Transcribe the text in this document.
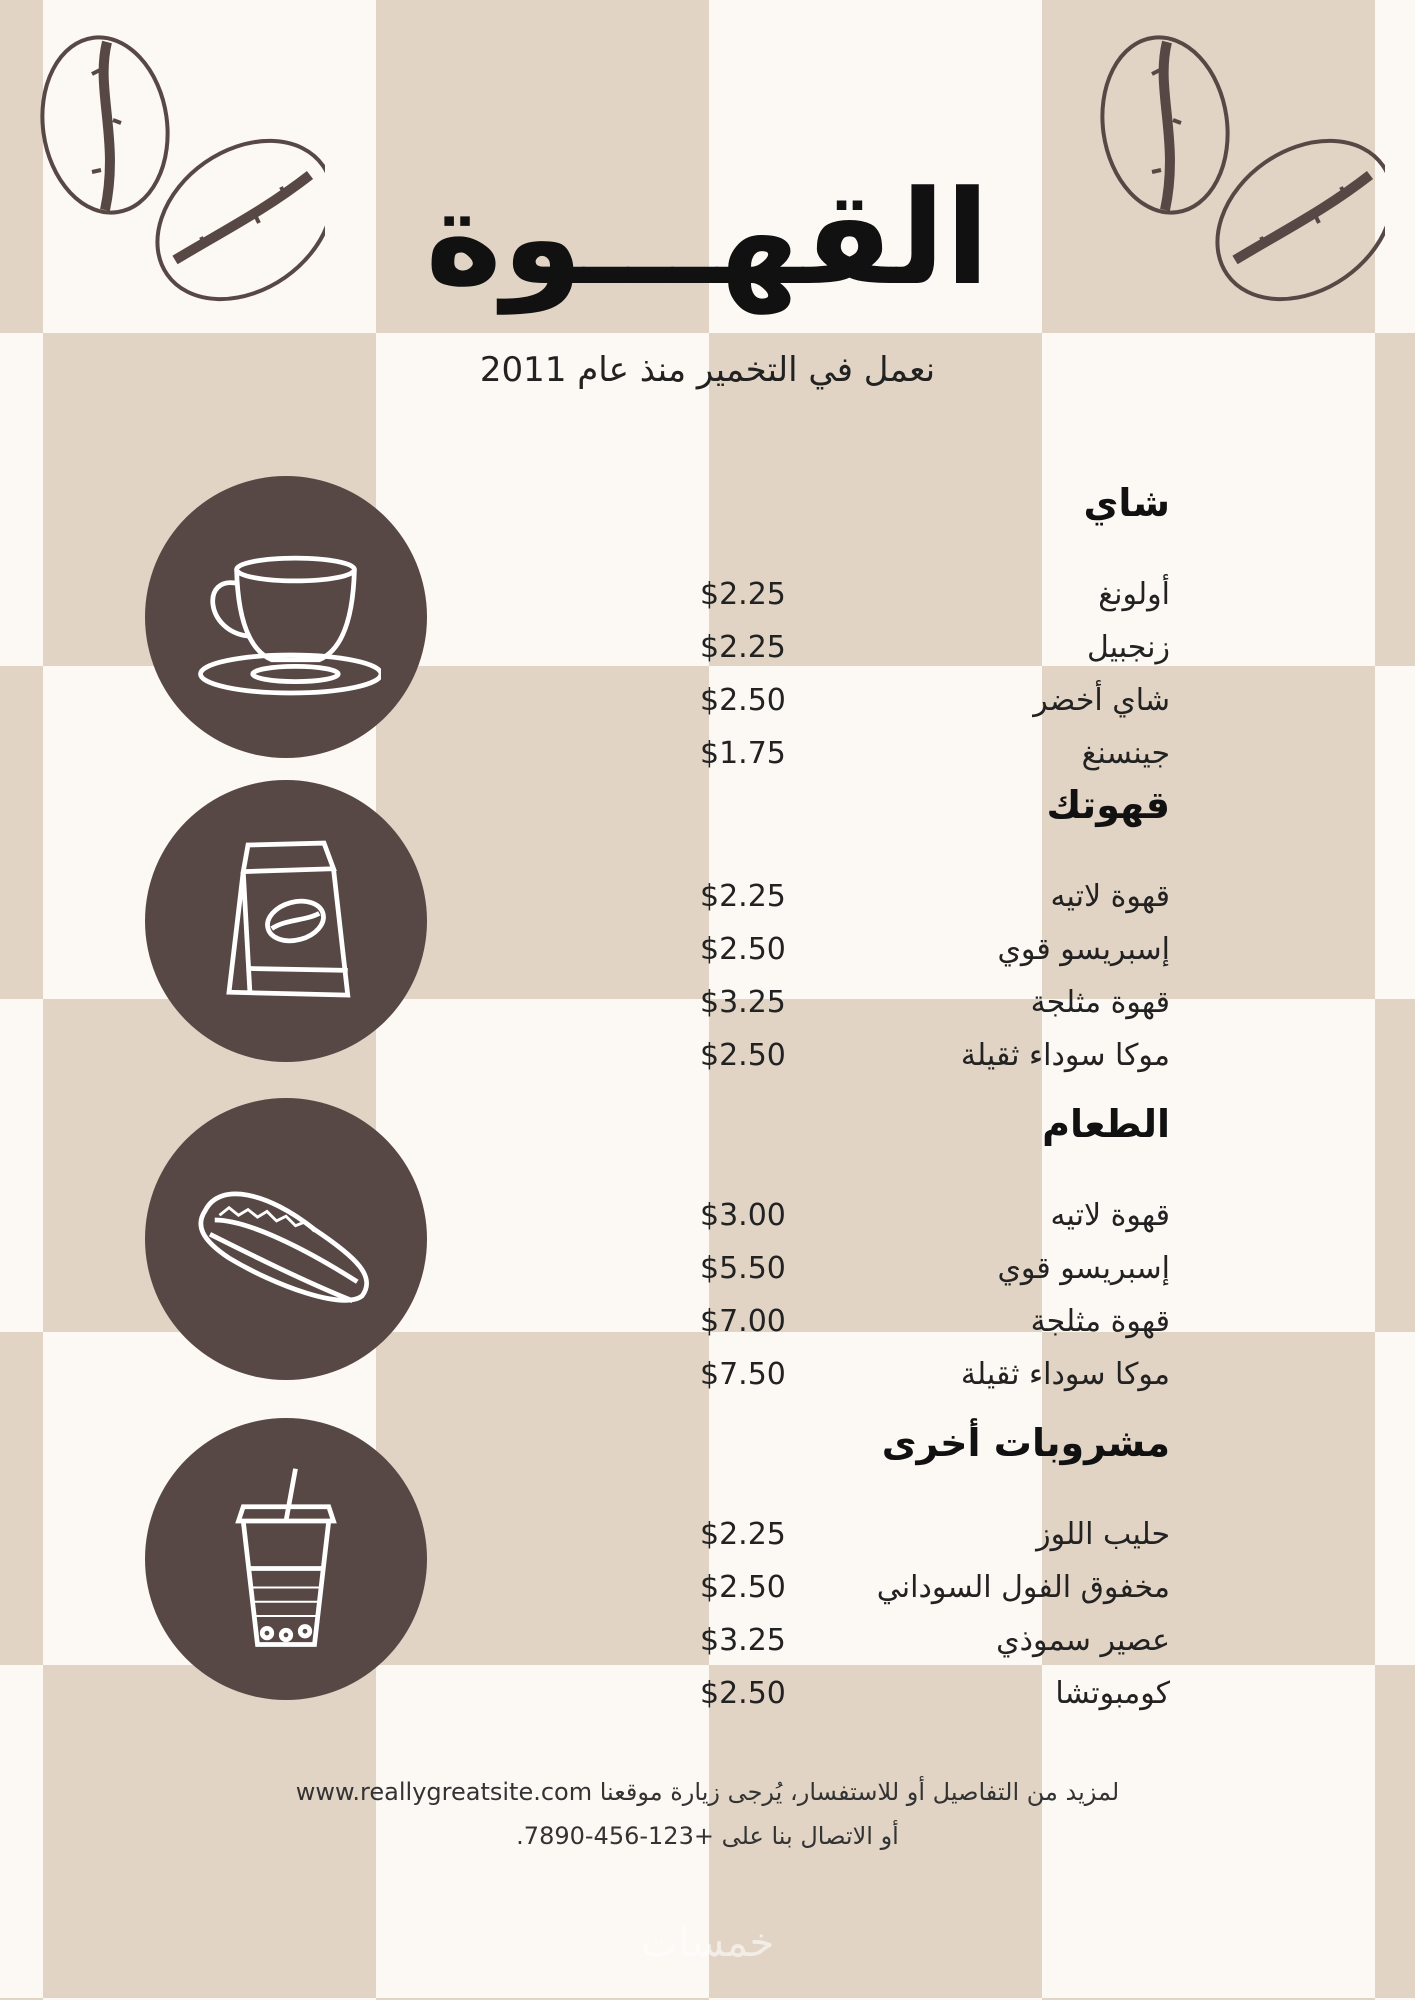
القهـــوة

نعمل في التخمير منذ عام 2011

شاي
أولونغ
$2.25
زنجبيل
$2.25
شاي أخضر
$2.50
جينسنغ
$1.75
قهوتك
قهوة لاتيه
$2.25
إسبريسو قوي
$2.50
قهوة مثلجة
$3.25
موكا سوداء ثقيلة
$2.50
الطعام
قهوة لاتيه
$3.00
إسبريسو قوي
$5.50
قهوة مثلجة
$7.00
موكا سوداء ثقيلة
$7.50
مشروبات أخرى
حليب اللوز
$2.25
مخفوق الفول السوداني
$2.50
عصير سموذي
$3.25
كومبوتشا
$2.50
لمزيد من التفاصيل أو للاستفسار، يُرجى زيارة موقعنا www.reallygreatsite.com
أو الاتصال بنا على +123-456-7890.
خمسات
